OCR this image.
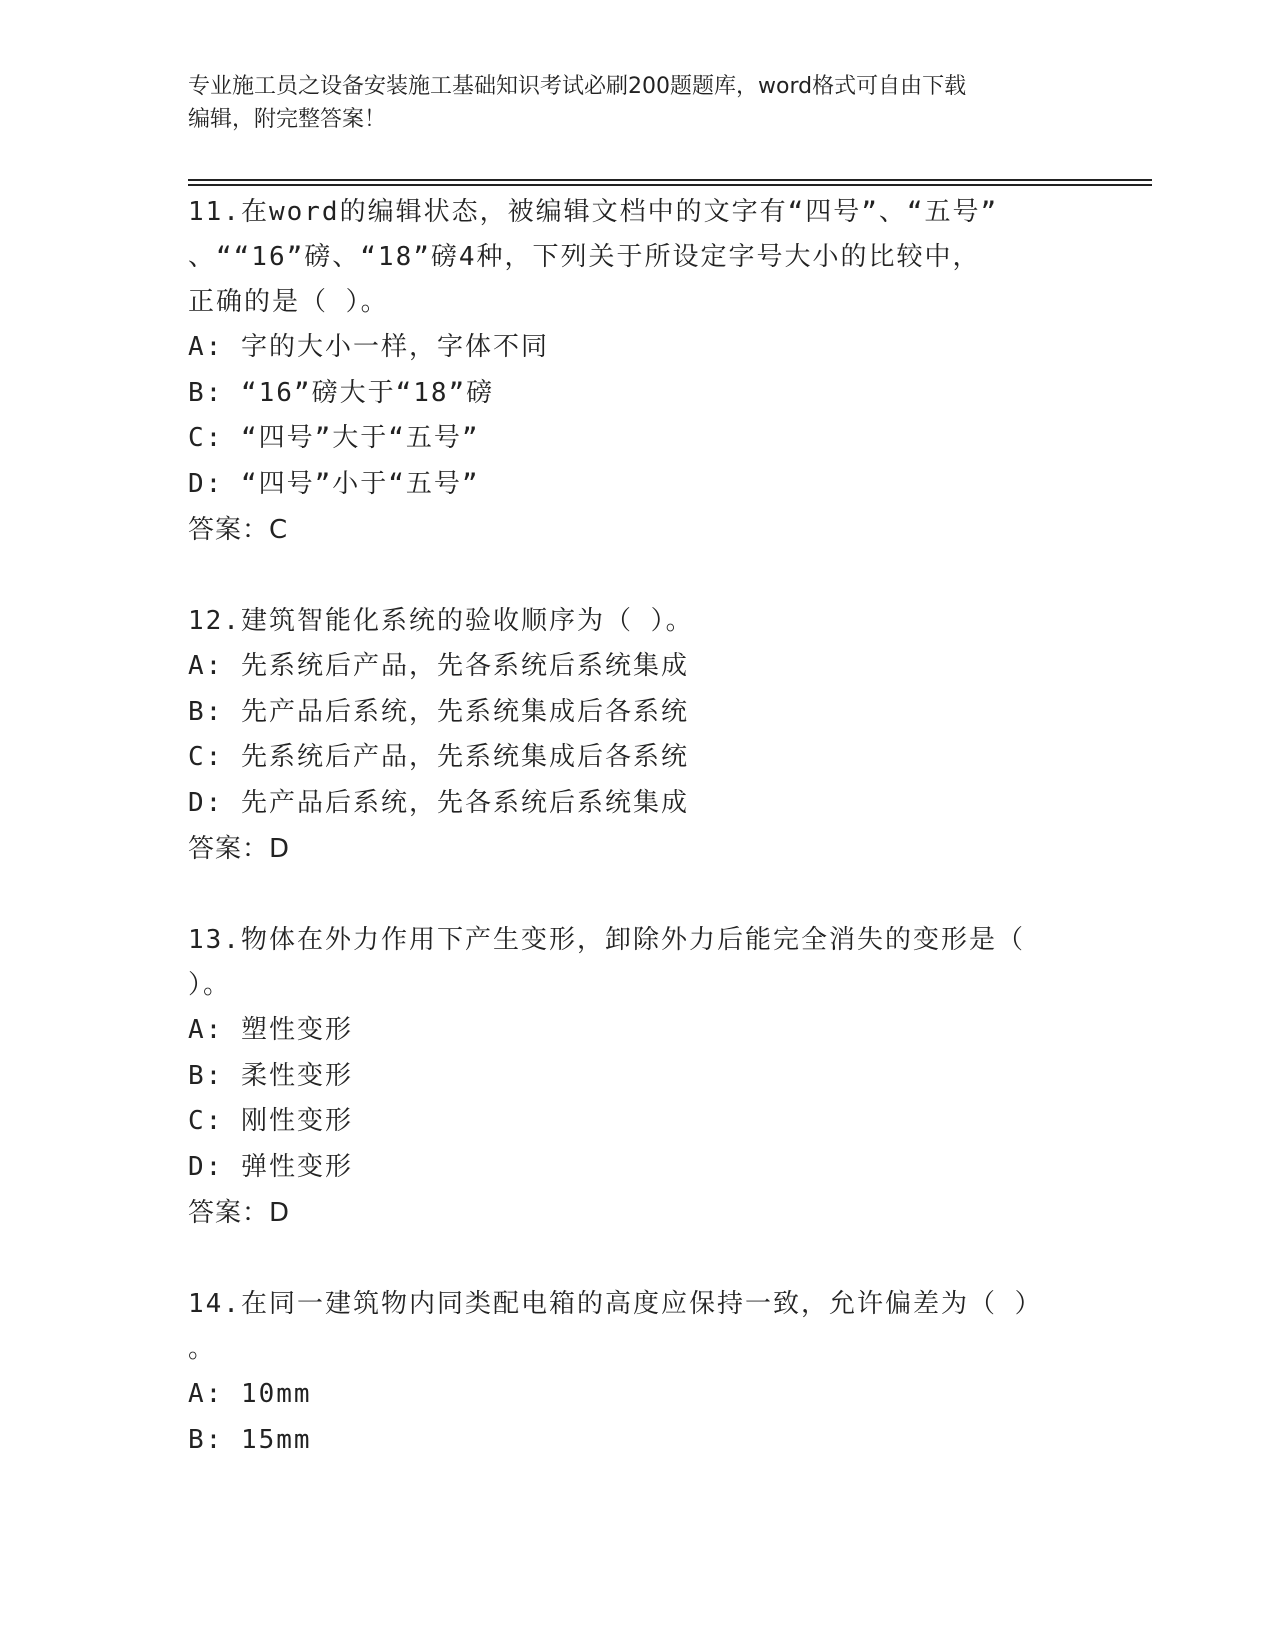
专业施工员之设备安装施工基础知识考试必刷200题题库，word格式可自由下载
编辑，附完整答案！
11.在word的编辑状态，被编辑文档中的文字有“四号”、“五号”
、““16”磅、“18”磅4种，下列关于所设定字号大小的比较中，
正确的是（ ）。
A: 字的大小一样，字体不同
B: “16”磅大于“18”磅
C: “四号”大于“五号”
D: “四号”小于“五号”
答案：C
12.建筑智能化系统的验收顺序为（ ）。
A: 先系统后产品，先各系统后系统集成
B: 先产品后系统，先系统集成后各系统
C: 先系统后产品，先系统集成后各系统
D: 先产品后系统，先各系统后系统集成
答案：D
13.物体在外力作用下产生变形，卸除外力后能完全消失的变形是（
）。
A: 塑性变形
B: 柔性变形
C: 刚性变形
D: 弹性变形
答案：D
14.在同一建筑物内同类配电箱的高度应保持一致，允许偏差为（ ）
。
A: 10mm
B: 15mm
